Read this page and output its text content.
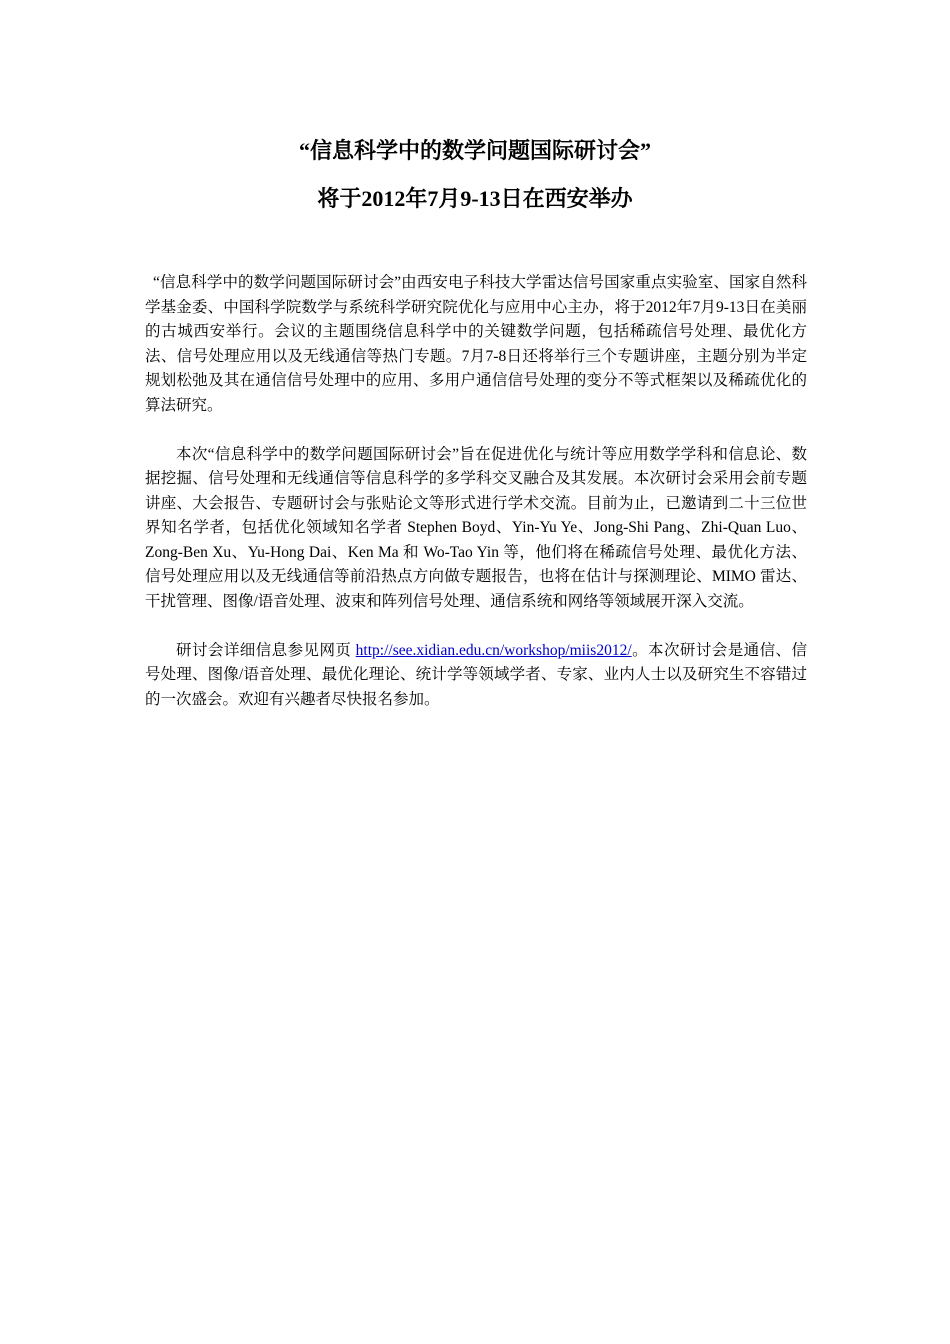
“信息科学中的数学问题国际研讨会”
将于2012年7月9-13日在西安举办

“信息科学中的数学问题国际研讨会”由西安电子科技大学雷达信号国家重点实验室、国家自然科学基金委、中国科学院数学与系统科学研究院优化与应用中心主办，将于2012年7月9-13日在美丽的古城西安举行。会议的主题围绕信息科学中的关键数学问题，包括稀疏信号处理、最优化方法、信号处理应用以及无线通信等热门专题。7月7-8日还将举行三个专题讲座，主题分别为半定规划松弛及其在通信信号处理中的应用、多用户通信信号处理的变分不等式框架以及稀疏优化的算法研究。

本次“信息科学中的数学问题国际研讨会”旨在促进优化与统计等应用数学学科和信息论、数据挖掘、信号处理和无线通信等信息科学的多学科交叉融合及其发展。本次研讨会采用会前专题讲座、大会报告、专题研讨会与张贴论文等形式进行学术交流。目前为止，已邀请到二十三位世界知名学者，包括优化领域知名学者 Stephen Boyd、Yin-Yu Ye、Jong-Shi Pang、Zhi-Quan Luo、Zong-Ben Xu、Yu-Hong Dai、Ken Ma 和 Wo-Tao Yin 等，他们将在稀疏信号处理、最优化方法、信号处理应用以及无线通信等前沿热点方向做专题报告，也将在估计与探测理论、MIMO 雷达、干扰管理、图像/语音处理、波束和阵列信号处理、通信系统和网络等领域展开深入交流。

研讨会详细信息参见网页 http://see.xidian.edu.cn/workshop/miis2012/。本次研讨会是通信、信号处理、图像/语音处理、最优化理论、统计学等领域学者、专家、业内人士以及研究生不容错过的一次盛会。欢迎有兴趣者尽快报名参加。
